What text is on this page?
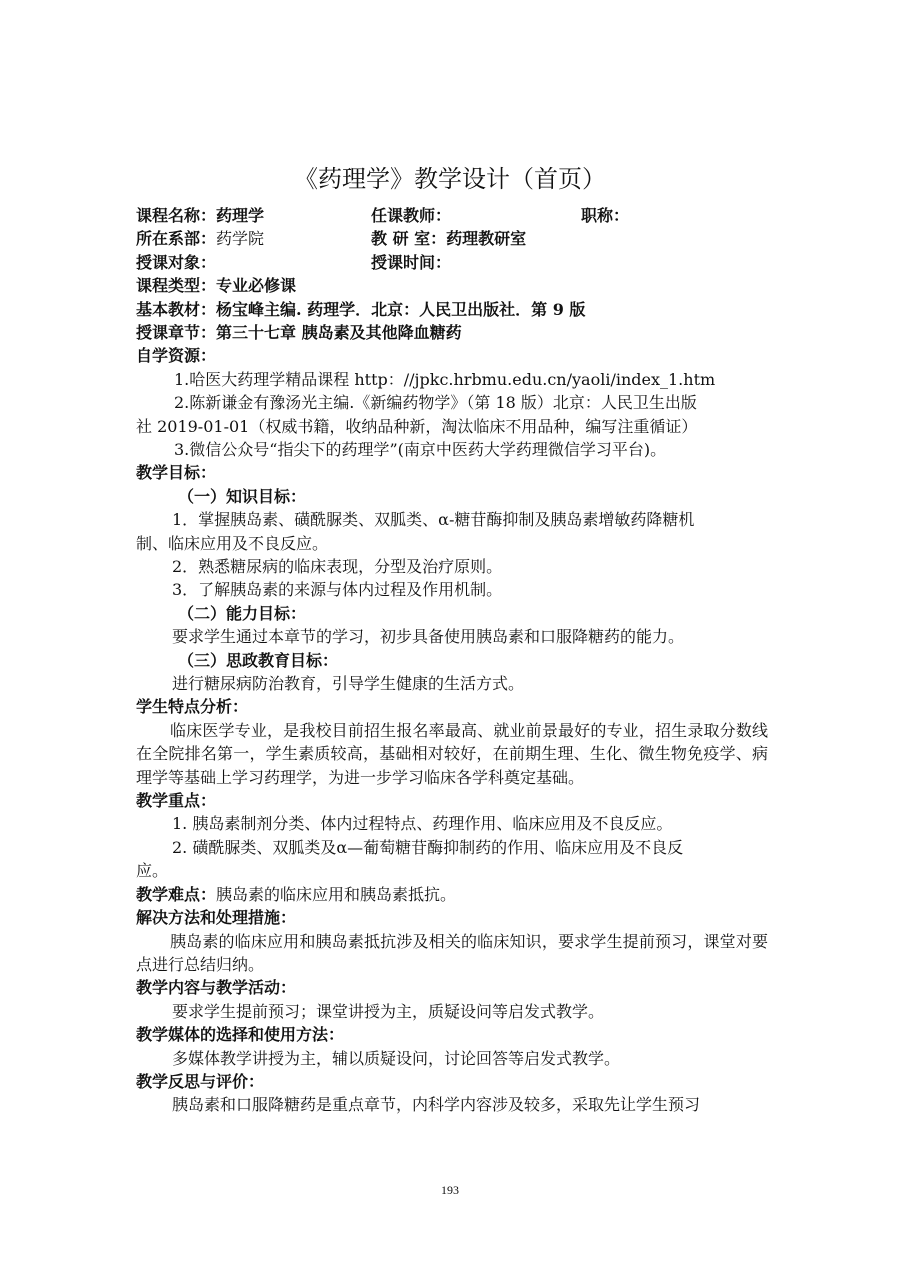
《药理学》教学设计（首页）
课程名称：药理学	任课教师：	职称：
所在系部：药学院	教 研 室：药理教研室
授课对象：	授课时间：
课程类型：专业必修课
基本教材：杨宝峰主编. 药理学．北京：人民卫出版社．第 9 版
授课章节：第三十七章 胰岛素及其他降血糖药
自学资源：
1.哈医大药理学精品课程 http：//jpkc.hrbmu.edu.cn/yaoli/index_1.htm
2.陈新谦金有豫汤光主编.《新编药物学》（第 18 版）北京：人民卫生出版
社 2019-01-01（权威书籍，收纳品种新，淘汰临床不用品种，编写注重循证）
3.微信公众号“指尖下的药理学”(南京中医药大学药理微信学习平台)。
教学目标：
（一）知识目标：
1．掌握胰岛素、磺酰脲类、双胍类、α-糖苷酶抑制及胰岛素增敏药降糖机
制、临床应用及不良反应。
2．熟悉糖尿病的临床表现，分型及治疗原则。
3．了解胰岛素的来源与体内过程及作用机制。
（二）能力目标：
要求学生通过本章节的学习，初步具备使用胰岛素和口服降糖药的能力。
（三）思政教育目标：
进行糖尿病防治教育，引导学生健康的生活方式。
学生特点分析：
临床医学专业，是我校目前招生报名率最高、就业前景最好的专业，招生录取分数线在全院排名第一，学生素质较高，基础相对较好，在前期生理、生化、微生物免疫学、病理学等基础上学习药理学，为进一步学习临床各学科奠定基础。
教学重点：
1. 胰岛素制剂分类、体内过程特点、药理作用、临床应用及不良反应。
2. 磺酰脲类、双胍类及α—葡萄糖苷酶抑制药的作用、临床应用及不良反
应。
教学难点：胰岛素的临床应用和胰岛素抵抗。
解决方法和处理措施：
胰岛素的临床应用和胰岛素抵抗涉及相关的临床知识，要求学生提前预习，课堂对要点进行总结归纳。
教学内容与教学活动：
要求学生提前预习；课堂讲授为主，质疑设问等启发式教学。
教学媒体的选择和使用方法：
多媒体教学讲授为主，辅以质疑设问，讨论回答等启发式教学。
教学反思与评价：
胰岛素和口服降糖药是重点章节，内科学内容涉及较多，采取先让学生预习
193
